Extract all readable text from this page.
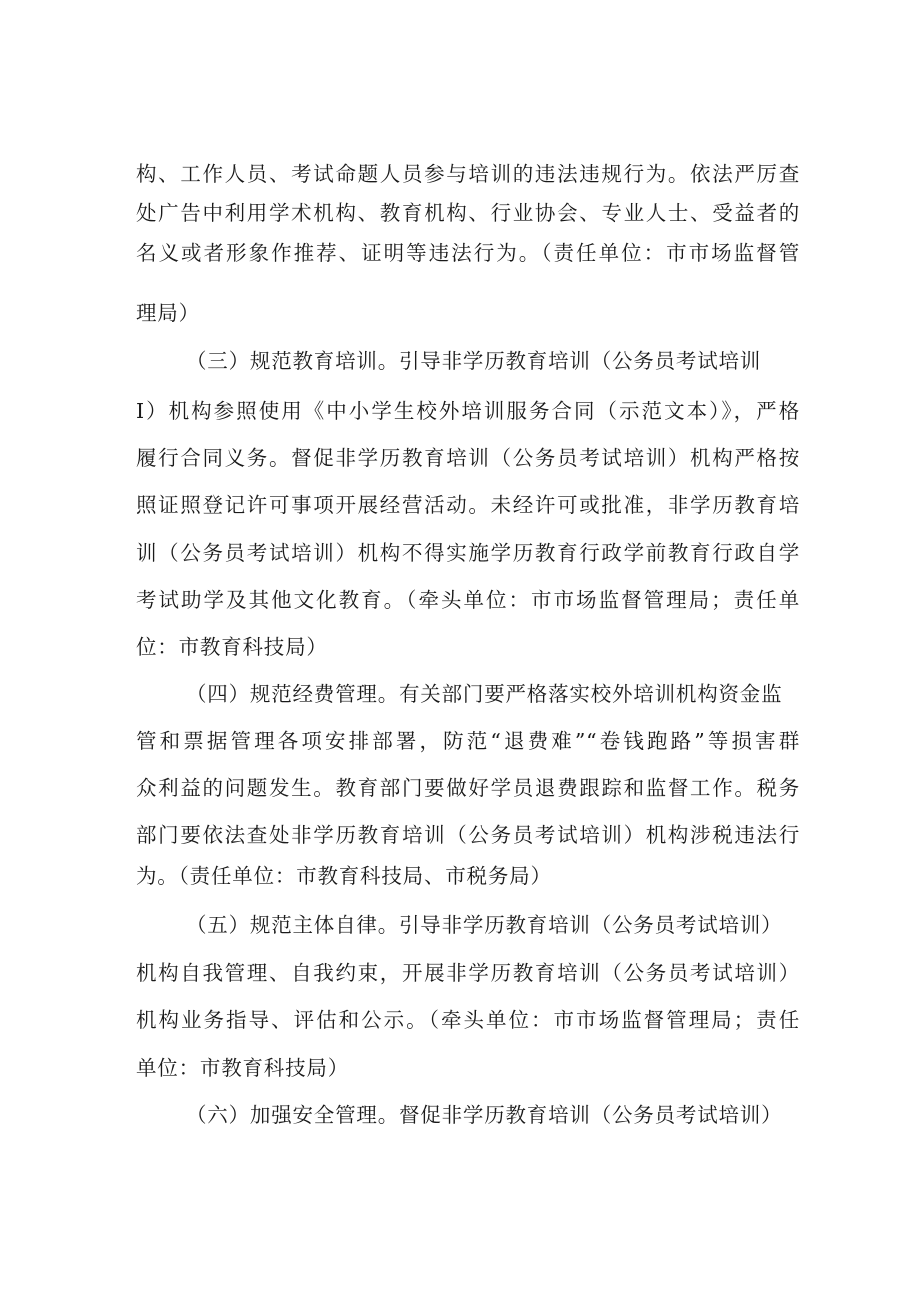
构、工作人员、考试命题人员参与培训的违法违规行为。依法严厉查
处广告中利用学术机构、教育机构、行业协会、专业人士、受益者的
名义或者形象作推荐、证明等违法行为。（责任单位：市市场监督管
理局）
（三）规范教育培训。引导非学历教育培训（公务员考试培训
I）机构参照使用《中小学生校外培训服务合同（示范文本）》，严格
履行合同义务。督促非学历教育培训（公务员考试培训）机构严格按
照证照登记许可事项开展经营活动。未经许可或批准，非学历教育培
训（公务员考试培训）机构不得实施学历教育行政学前教育行政自学
考试助学及其他文化教育。（牵头单位：市市场监督管理局；责任单
位：市教育科技局）
（四）规范经费管理。有关部门要严格落实校外培训机构资金监
管和票据管理各项安排部署，防范“退费难”“卷钱跑路”等损害群
众利益的问题发生。教育部门要做好学员退费跟踪和监督工作。税务
部门要依法查处非学历教育培训（公务员考试培训）机构涉税违法行
为。（责任单位：市教育科技局、市税务局）
（五）规范主体自律。引导非学历教育培训（公务员考试培训）
机构自我管理、自我约束，开展非学历教育培训（公务员考试培训）
机构业务指导、评估和公示。（牵头单位：市市场监督管理局；责任
单位：市教育科技局）
（六）加强安全管理。督促非学历教育培训（公务员考试培训）
